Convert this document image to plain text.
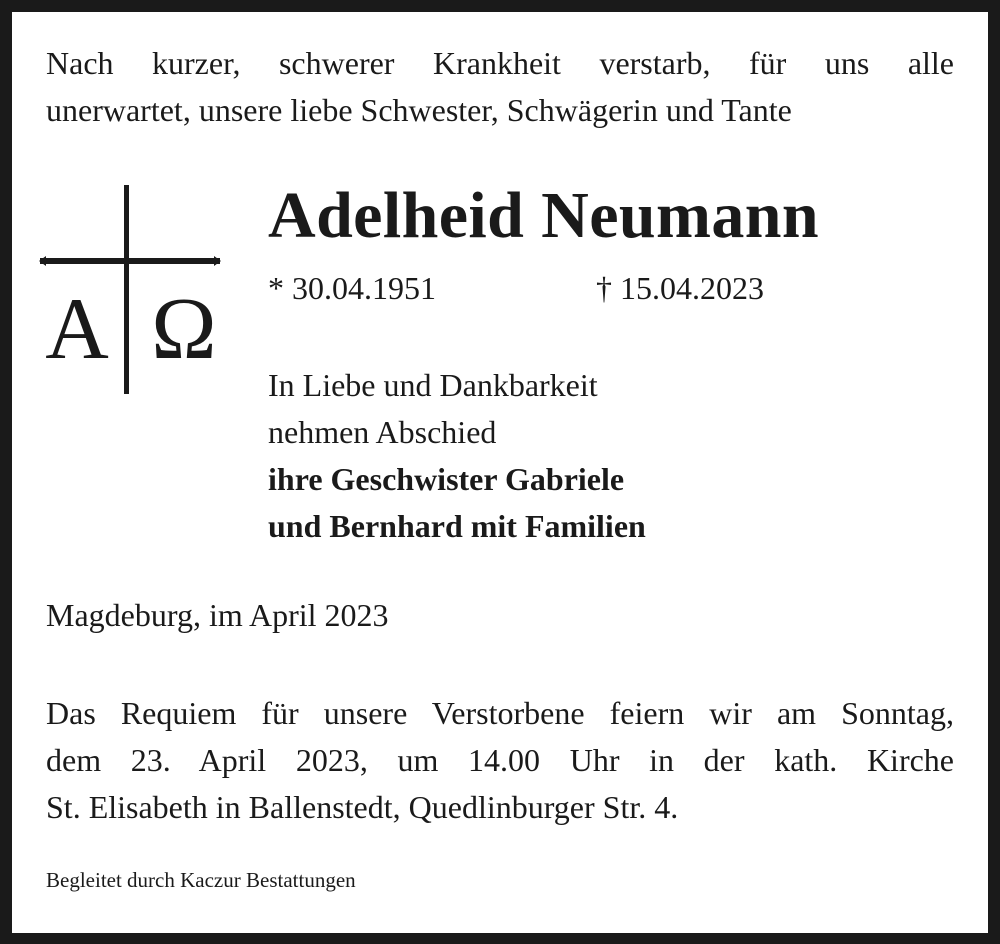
Nach kurzer, schwerer Krankheit verstarb, für uns alle
unerwartet, unsere liebe Schwester, Schwägerin und Tante
A Ω
Adelheid Neumann
* 30.04.1951	† 15.04.2023
In Liebe und Dankbarkeit
nehmen Abschied
ihre Geschwister Gabriele
und Bernhard mit Familien
Magdeburg, im April 2023
Das Requiem für unsere Verstorbene feiern wir am Sonntag,
dem 23. April 2023, um 14.00 Uhr in der kath. Kirche
St. Elisabeth in Ballenstedt, Quedlinburger Str. 4.
Begleitet durch Kaczur Bestattungen
